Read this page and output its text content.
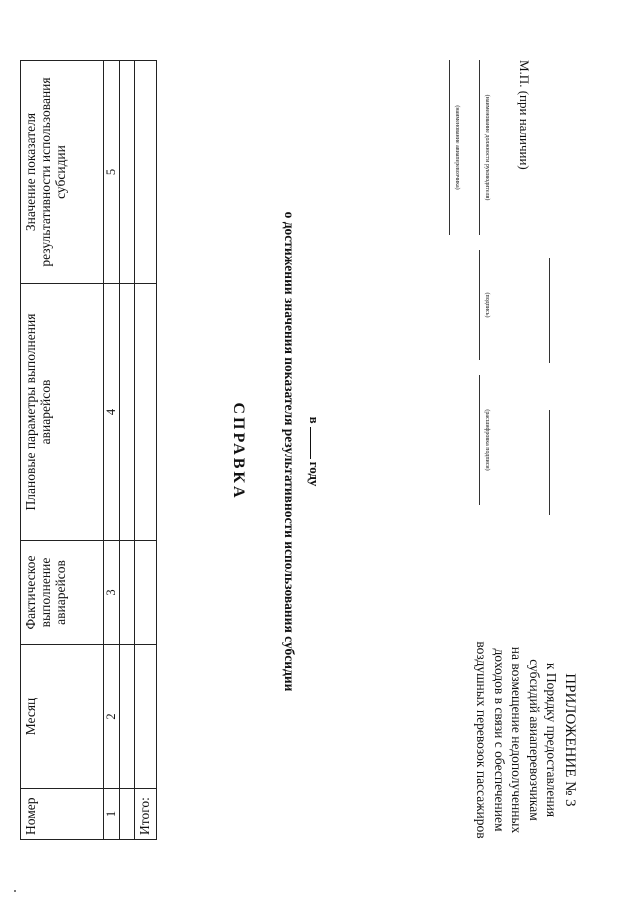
ПРИЛОЖЕНИЕ № 3
к Порядку предоставления
субсидий авиаперевозчикам
на возмещение недополученных
доходов в связи с обеспечением
воздушных перевозок пассажиров
СПРАВКА	о достижении значения показателя результативности использования субсидии вгоду
Номер	Месяц	Фактическое выполнение авиарейсов	Плановые параметры выполнения авиарейсов	Значение показателя результативности использования субсидии
1	2	3	4	5

Итого:				
(наименование авиаперевозчика)	(наименование должности руководителя)
(подпись)
(расшифровка подписи)
М.П. (при наличии)
